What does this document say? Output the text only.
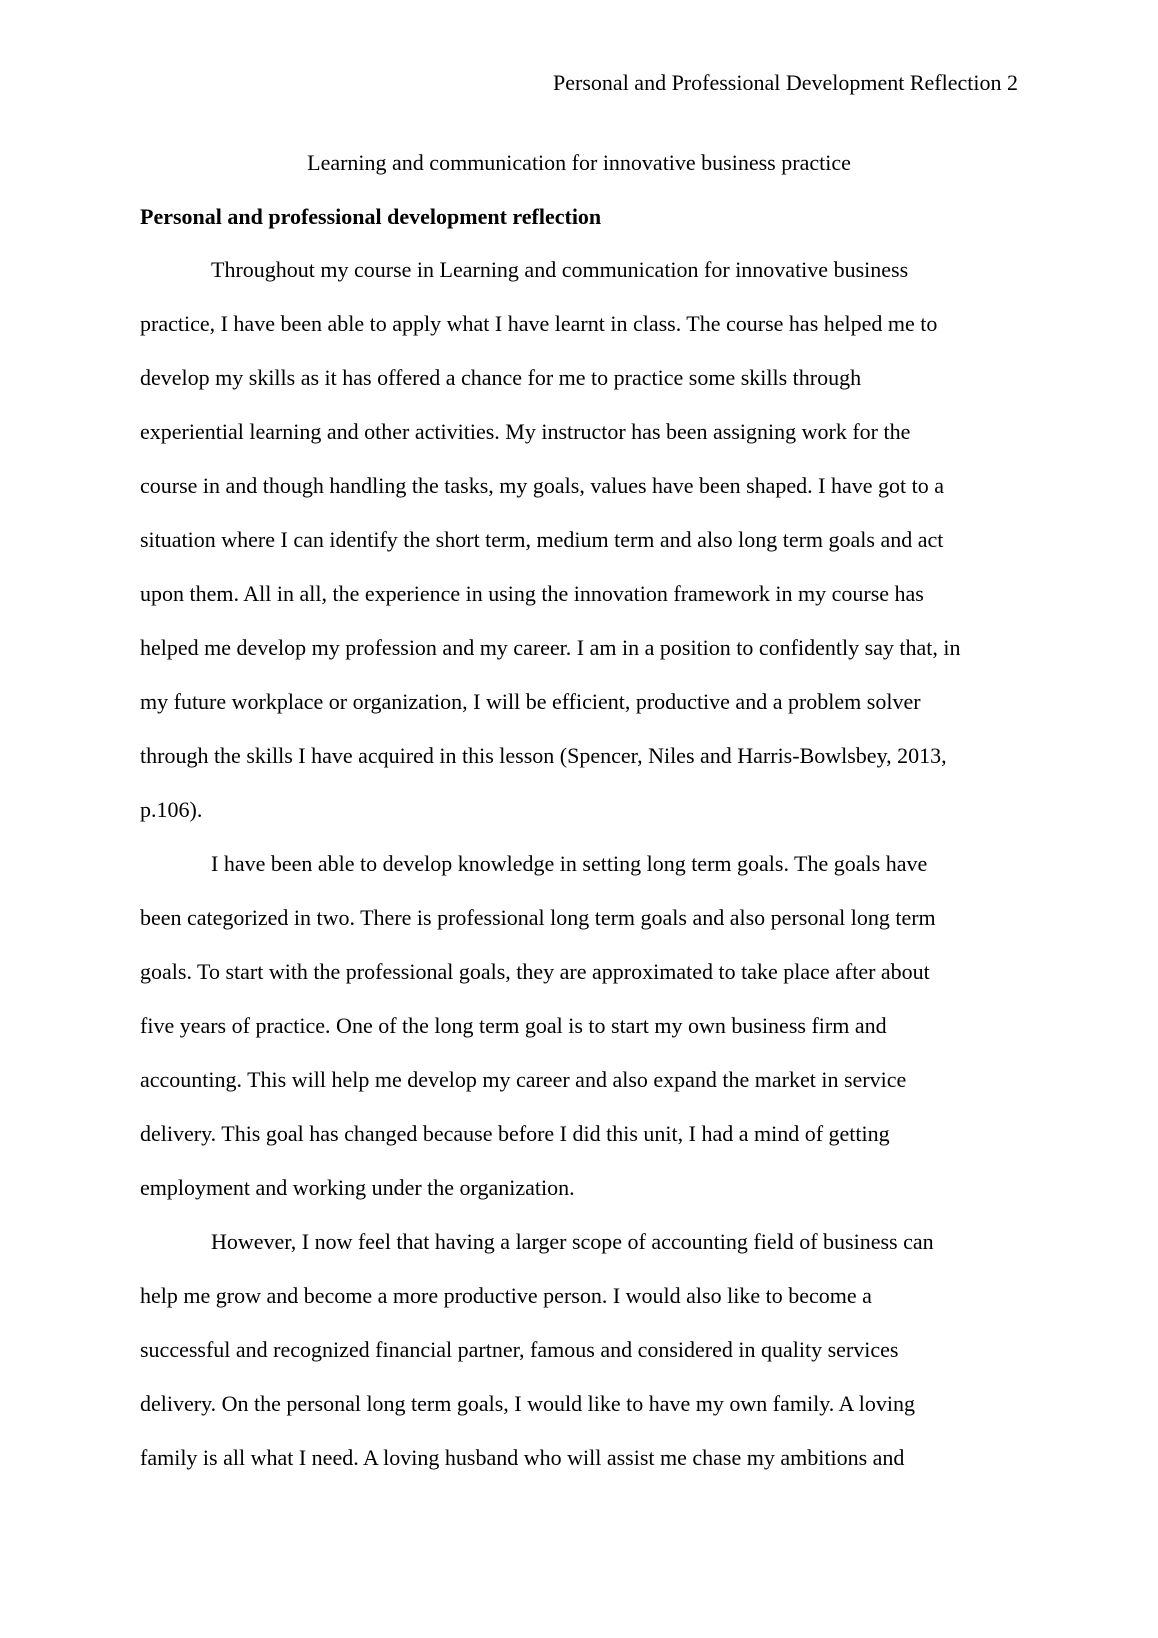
Personal and Professional Development Reflection 2
Learning and communication for innovative business practice
Personal and professional development reflection

Throughout my course in Learning and communication for innovative business
practice, I have been able to apply what I have learnt in class. The course has helped me to
develop my skills as it has offered a chance for me to practice some skills through
experiential learning and other activities. My instructor has been assigning work for the
course in and though handling the tasks, my goals, values have been shaped. I have got to a
situation where I can identify the short term, medium term and also long term goals and act
upon them. All in all, the experience in using the innovation framework in my course has
helped me develop my profession and my career. I am in a position to confidently say that, in
my future workplace or organization, I will be efficient, productive and a problem solver
through the skills I have acquired in this lesson (Spencer, Niles and Harris-Bowlsbey, 2013,
p.106).

I have been able to develop knowledge in setting long term goals. The goals have
been categorized in two. There is professional long term goals and also personal long term
goals. To start with the professional goals, they are approximated to take place after about
five years of practice. One of the long term goal is to start my own business firm and
accounting. This will help me develop my career and also expand the market in service
delivery. This goal has changed because before I did this unit, I had a mind of getting
employment and working under the organization.

However, I now feel that having a larger scope of accounting field of business can
help me grow and become a more productive person. I would also like to become a
successful and recognized financial partner, famous and considered in quality services
delivery. On the personal long term goals, I would like to have my own family. A loving
family is all what I need. A loving husband who will assist me chase my ambitions and
